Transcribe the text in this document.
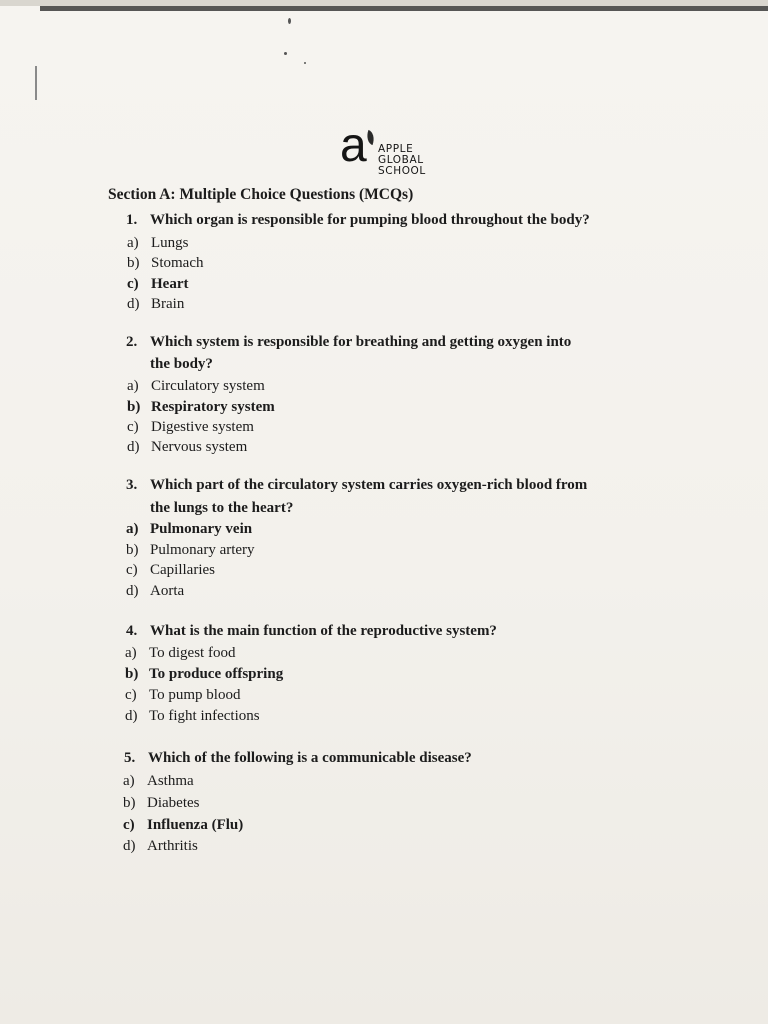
a APPLE
GLOBAL
SCHOOL
Section A: Multiple Choice Questions (MCQs)
1. Which organ is responsible for pumping blood throughout the body?
a) Lungs
b) Stomach
c) Heart
d) Brain
2. Which system is responsible for breathing and getting oxygen into
the body?
a) Circulatory system
b) Respiratory system
c) Digestive system
d) Nervous system
3. Which part of the circulatory system carries oxygen-rich blood from
the lungs to the heart?
a) Pulmonary vein
b) Pulmonary artery
c) Capillaries
d) Aorta
4. What is the main function of the reproductive system?
a) To digest food
b) To produce offspring
c) To pump blood
d) To fight infections
5. Which of the following is a communicable disease?
a) Asthma
b) Diabetes
c) Influenza (Flu)
d) Arthritis
